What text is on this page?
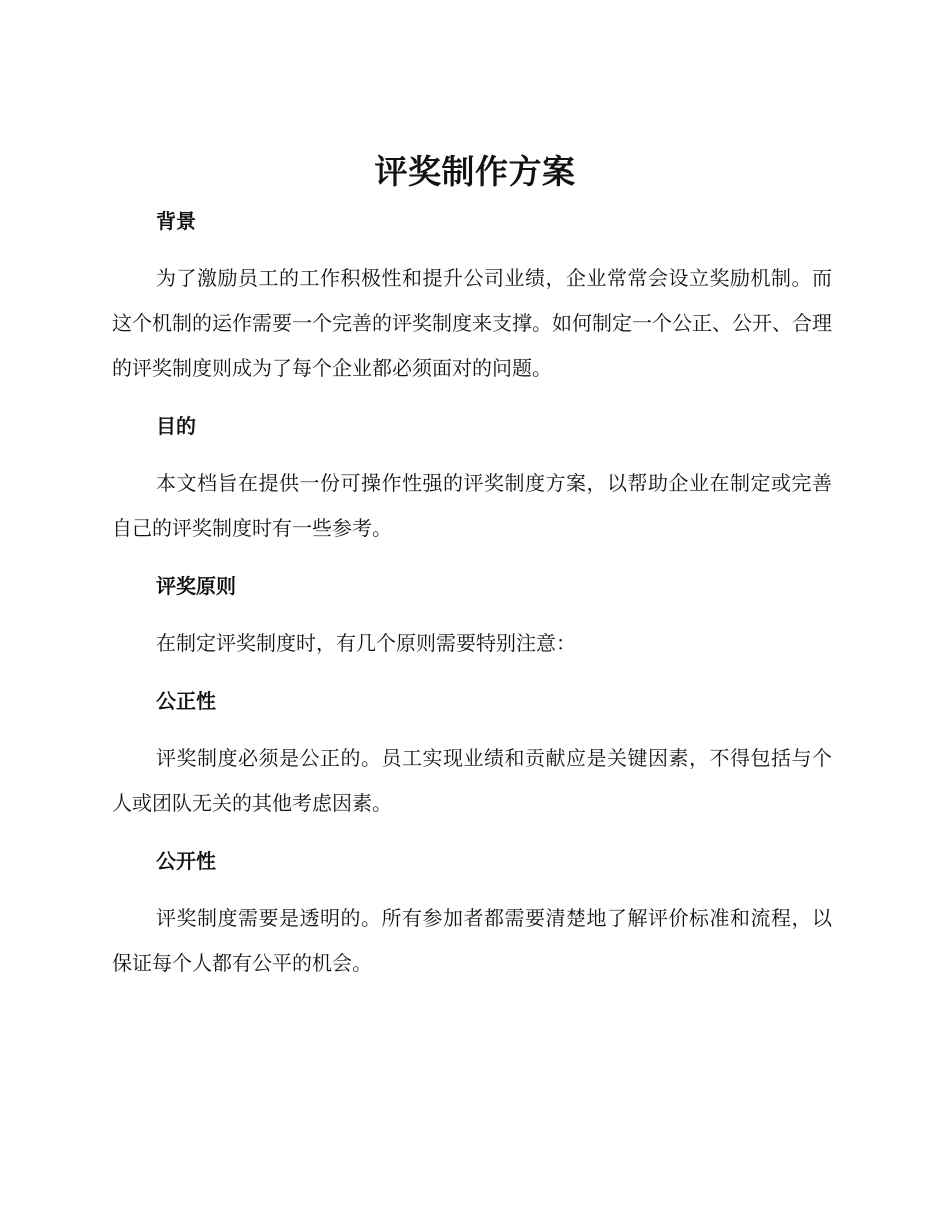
评奖制作方案
背景

为了激励员工的工作积极性和提升公司业绩，企业常常会设立奖励机制。而这个机制的运作需要一个完善的评奖制度来支撑。如何制定一个公正、公开、合理的评奖制度则成为了每个企业都必须面对的问题。

目的

本文档旨在提供一份可操作性强的评奖制度方案，以帮助企业在制定或完善自己的评奖制度时有一些参考。

评奖原则

在制定评奖制度时，有几个原则需要特别注意：

公正性

评奖制度必须是公正的。员工实现业绩和贡献应是关键因素，不得包括与个人或团队无关的其他考虑因素。

公开性

评奖制度需要是透明的。所有参加者都需要清楚地了解评价标准和流程，以保证每个人都有公平的机会。
